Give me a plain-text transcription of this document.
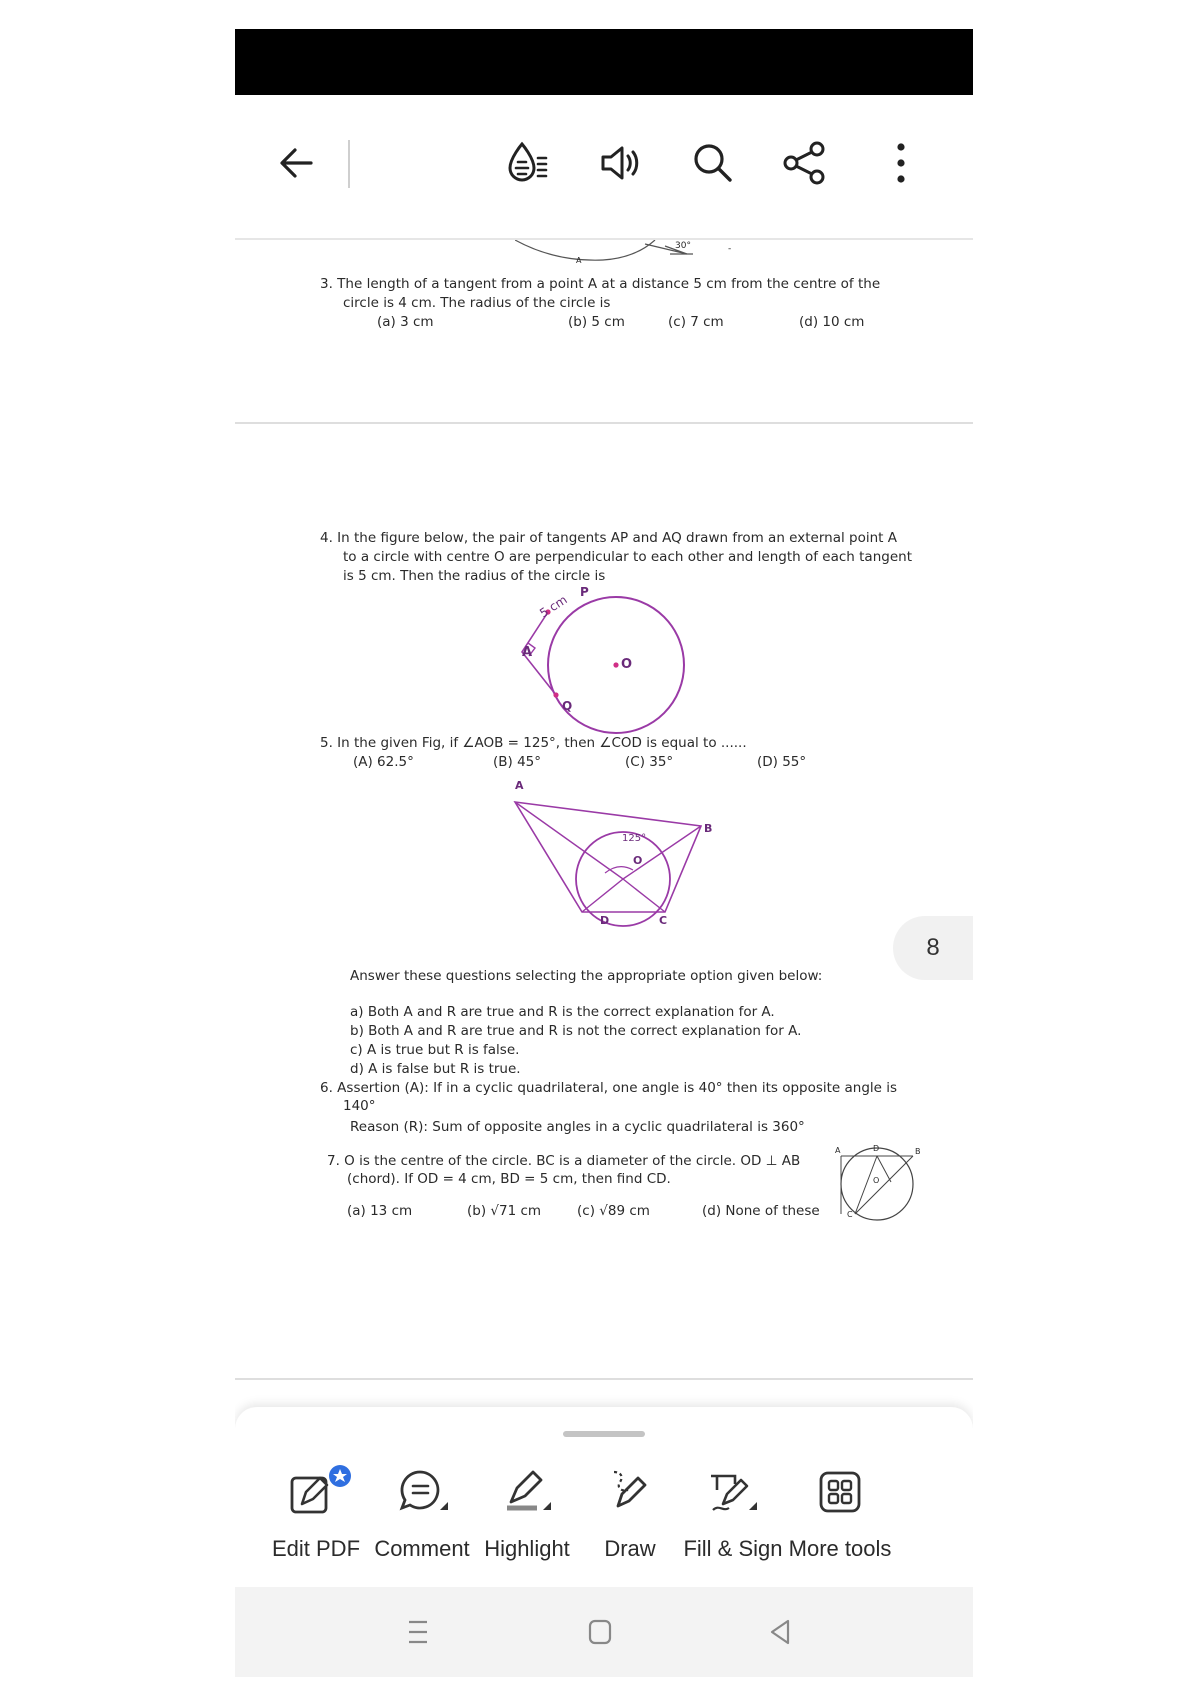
30°
A
-
3. The length of a tangent from a point A at a distance 5 cm from the centre of the
circle is 4 cm. The radius of the circle is
(a) 3 cm	(b) 5 cm	(c) 7 cm	(d) 10 cm
4. In the figure below, the pair of tangents AP and AQ drawn from an external point A
to a circle with centre O are perpendicular to each other and length of each tangent
is 5 cm. Then the radius of the circle is
A
P
Q
O
5 cm
5. In the given Fig, if ∠AOB = 125°, then ∠COD is equal to ......
(A) 62.5°	(B) 45°	(C) 35°	(D) 55°
A
B
C
D
O
125°
Answer these questions selecting the appropriate option given below:
a) Both A and R are true and R is the correct explanation for A.
b) Both A and R are true and R is not the correct explanation for A.
c) A is true but R is false.
d) A is false but R is true.
6. Assertion (A): If in a cyclic quadrilateral, one angle is 40° then its opposite angle is
140°
Reason (R): Sum of opposite angles in a cyclic quadrilateral is 360°
7. O is the centre of the circle. BC is a diameter of the circle. OD ⊥ AB
(chord). If OD = 4 cm, BD = 5 cm, then find CD.
(a) 13 cm	(b) √71 cm	(c) √89 cm	(d) None of these
A	B
D
O
C
8
Edit PDF Comment Highlight	Draw	Fill & Sign More tools
